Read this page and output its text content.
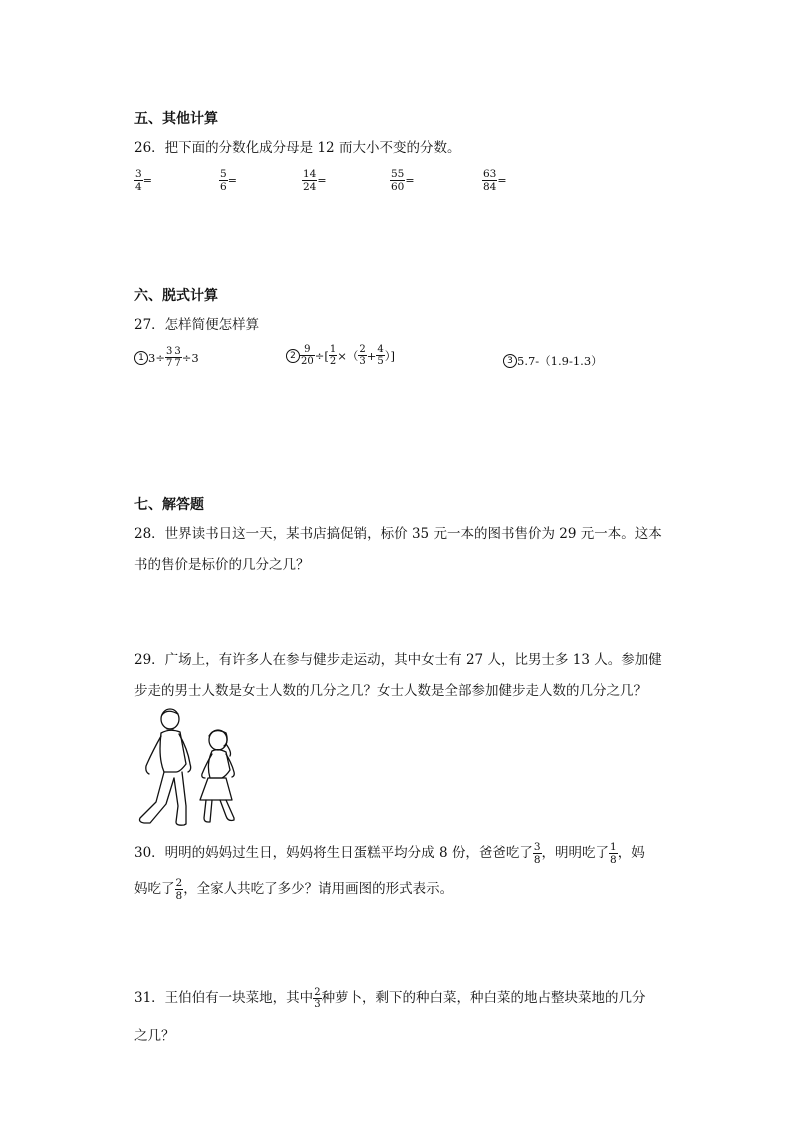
五、其他计算
26．把下面的分数化成分母是 12 而大小不变的分数。
$\frac{3}{4}$ =	$\frac{5}{6}$ =	$\frac{14}{24}$ =	$\frac{55}{60}$ =	$\frac{63}{84}$ =
六、脱式计算
27．怎样简便怎样算
1 $3\div \frac{3}{7} \frac{3}{7} \div 3$	$2 \frac{9}{20}$ ÷[ $\frac{1}{2}$ ×（ $\frac{2}{3} + \frac{4}{5}$ ）]	3 5.7-（1.9-1.3）
七、解答题
28．世界读书日这一天，某书店搞促销，标价 35 元一本的图书售价为 29 元一本。这本
书的售价是标价的几分之几？
29．广场上，有许多人在参与健步走运动，其中女士有 27 人，比男士多 13 人。参加健
步走的男士人数是女士人数的几分之几？女士人数是全部参加健步走人数的几分之几？
30．明明的妈妈过生日，妈妈将生日蛋糕平均分成 8 份，爸爸吃了 $\frac{3}{8}$ ，明明吃了 $\frac{1}{8}$ ，妈
妈吃了 $\frac{2}{8}$ ，全家人共吃了多少？请用画图的形式表示。
31．王伯伯有一块菜地，其中 $\frac{2}{3}$ 种萝卜，剩下的种白菜，种白菜的地占整块菜地的几分
之几？
